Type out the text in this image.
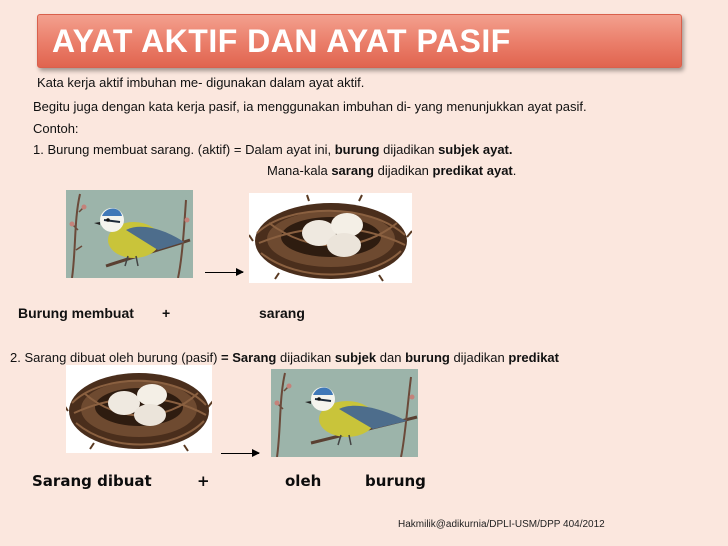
AYAT AKTIF DAN AYAT PASIF
Kata kerja aktif imbuhan me- digunakan dalam ayat aktif.
Begitu juga dengan kata kerja pasif, ia menggunakan imbuhan di- yang menunjukkan ayat pasif.
Contoh:
1. Burung membuat sarang. (aktif) = Dalam ayat ini, burung dijadikan subjek ayat.
Mana-kala sarang dijadikan predikat ayat.
Burung membuat +	sarang
2. Sarang dibuat oleh burung (pasif) = Sarang dijadikan subjek dan burung dijadikan predikat
Sarang dibuat	+	oleh	burung
Hakmilik@adikurnia/DPLI-USM/DPP 404/2012
